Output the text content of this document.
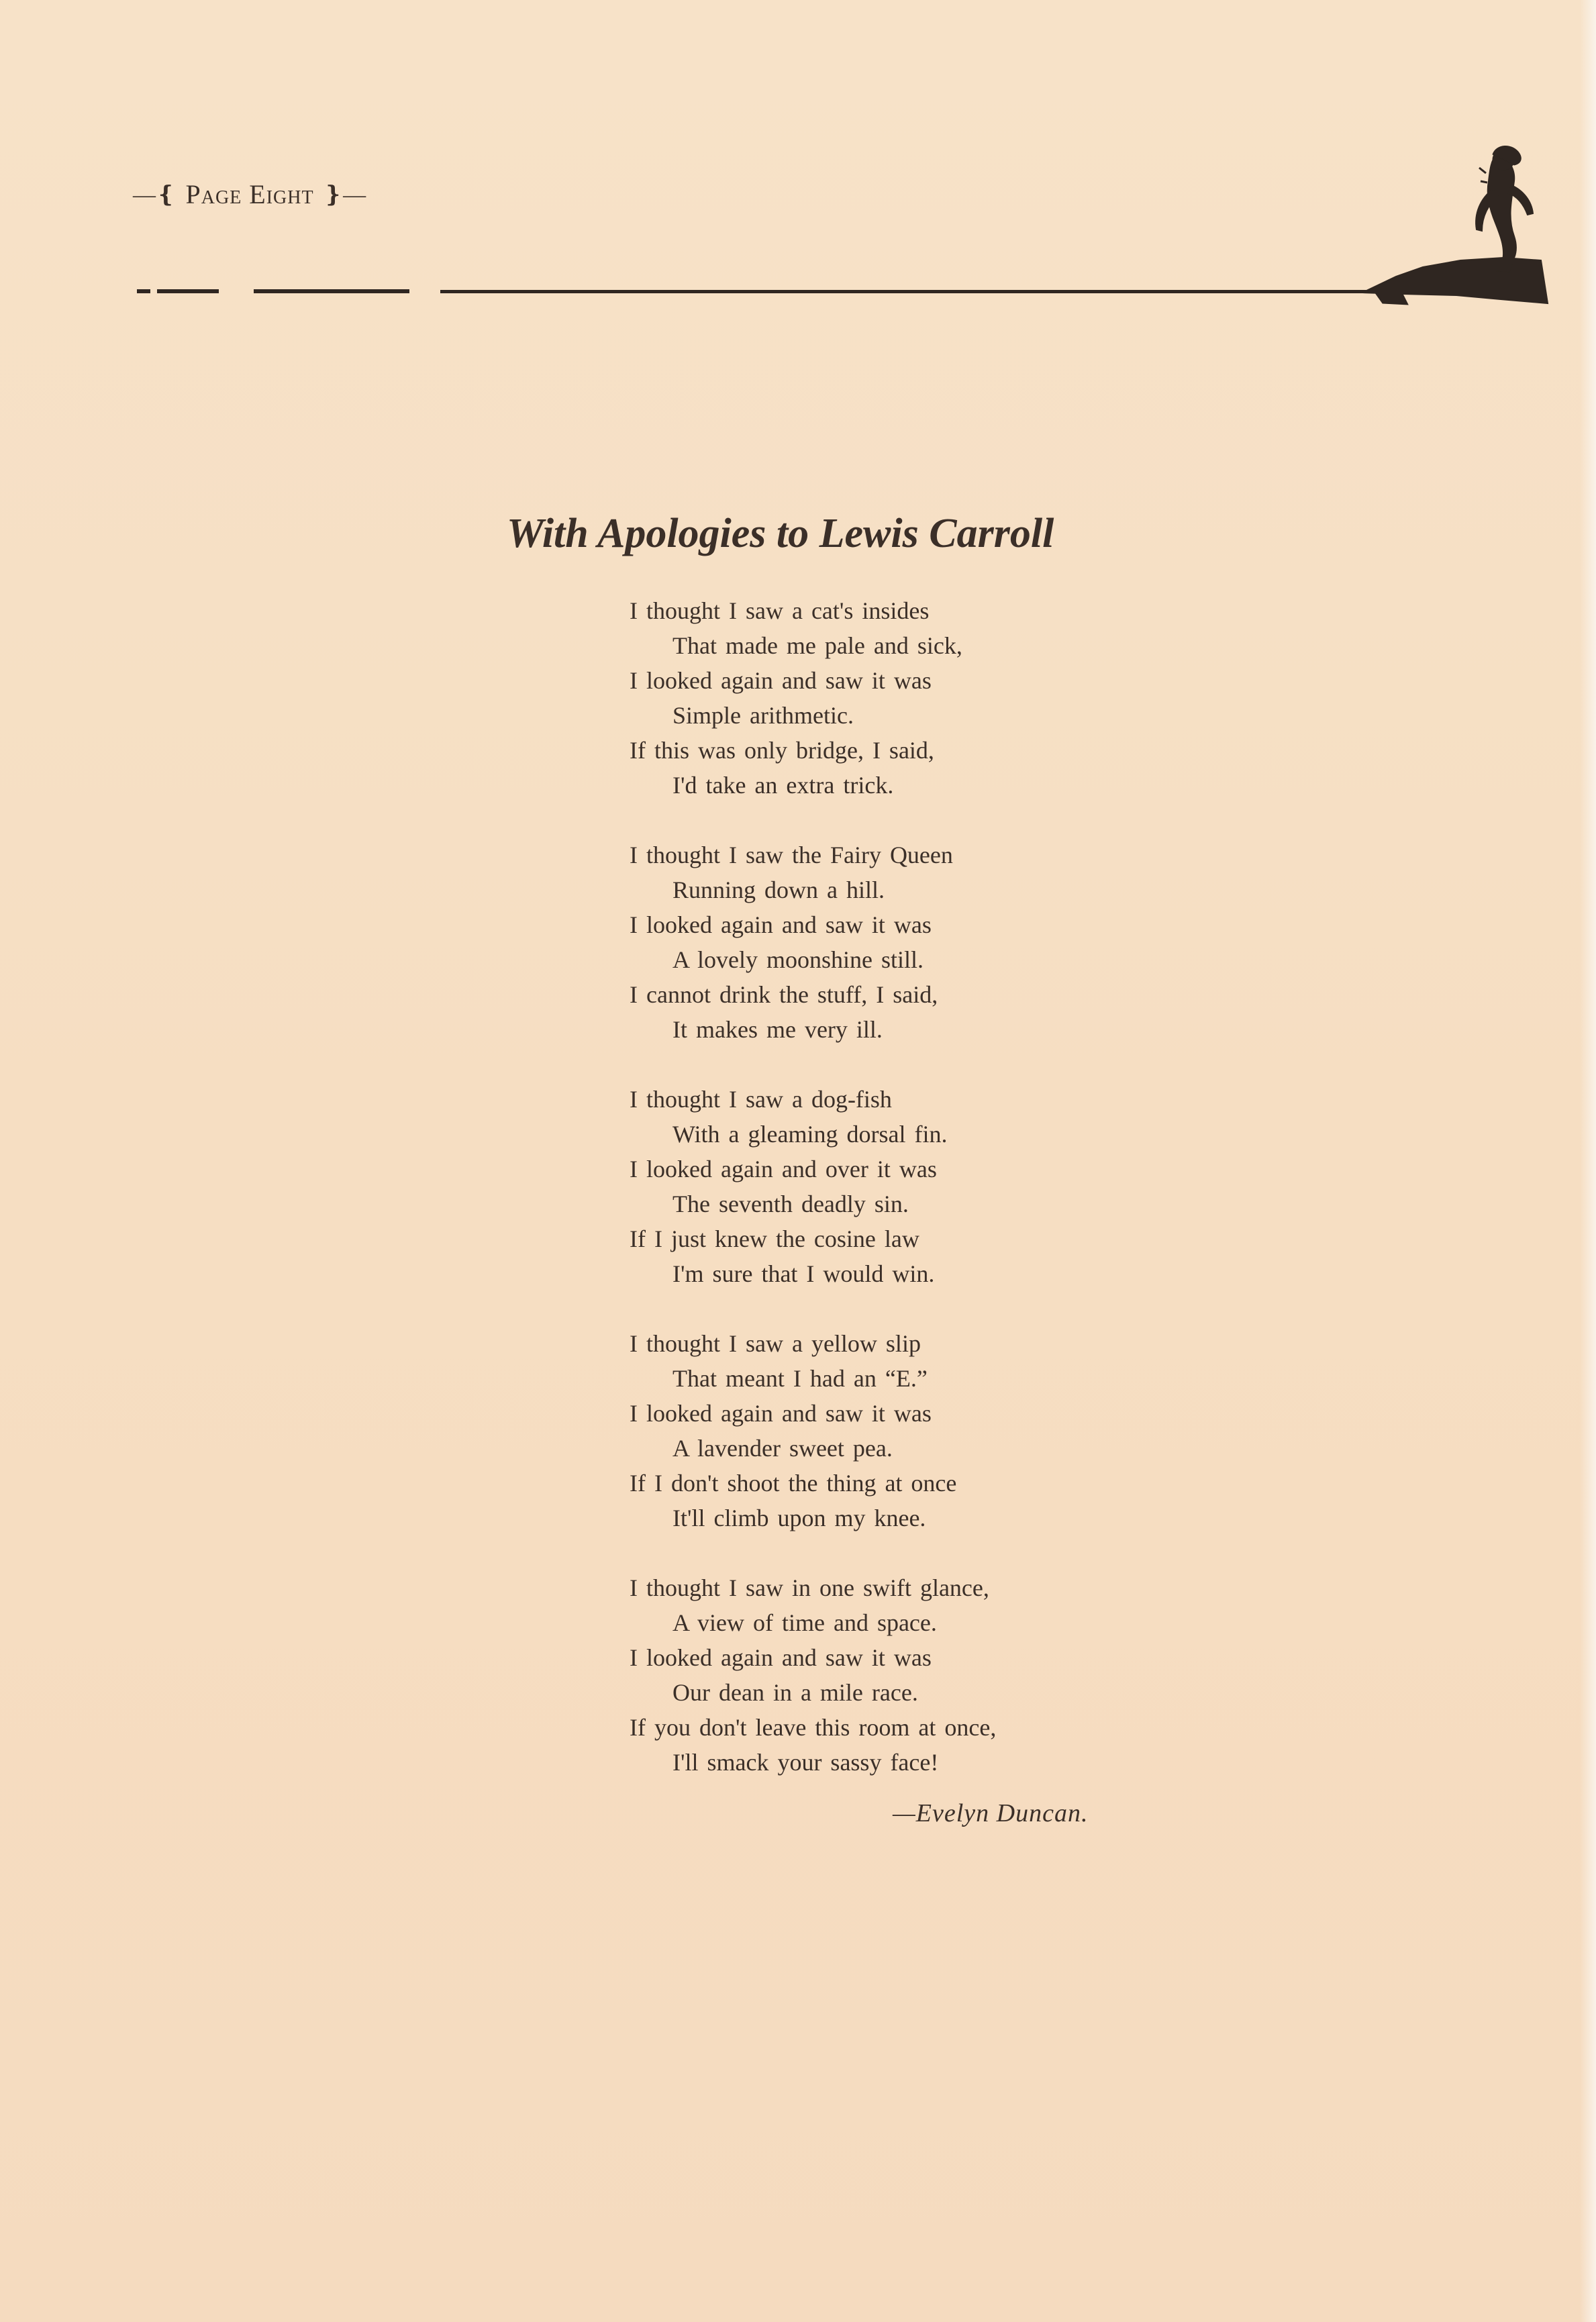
—❴ Page Eight ❵—
With Apologies to Lewis Carroll
I thought I saw a cat's insides
That made me pale and sick,
I looked again and saw it was
Simple arithmetic.
If this was only bridge, I said,
I'd take an extra trick.
I thought I saw the Fairy Queen
Running down a hill.
I looked again and saw it was
A lovely moonshine still.
I cannot drink the stuff, I said,
It makes me very ill.
I thought I saw a dog-fish
With a gleaming dorsal fin.
I looked again and over it was
The seventh deadly sin.
If I just knew the cosine law
I'm sure that I would win.
I thought I saw a yellow slip
That meant I had an “E.”
I looked again and saw it was
A lavender sweet pea.
If I don't shoot the thing at once
It'll climb upon my knee.
I thought I saw in one swift glance,
A view of time and space.
I looked again and saw it was
Our dean in a mile race.
If you don't leave this room at once,
I'll smack your sassy face!
—Evelyn Duncan.
